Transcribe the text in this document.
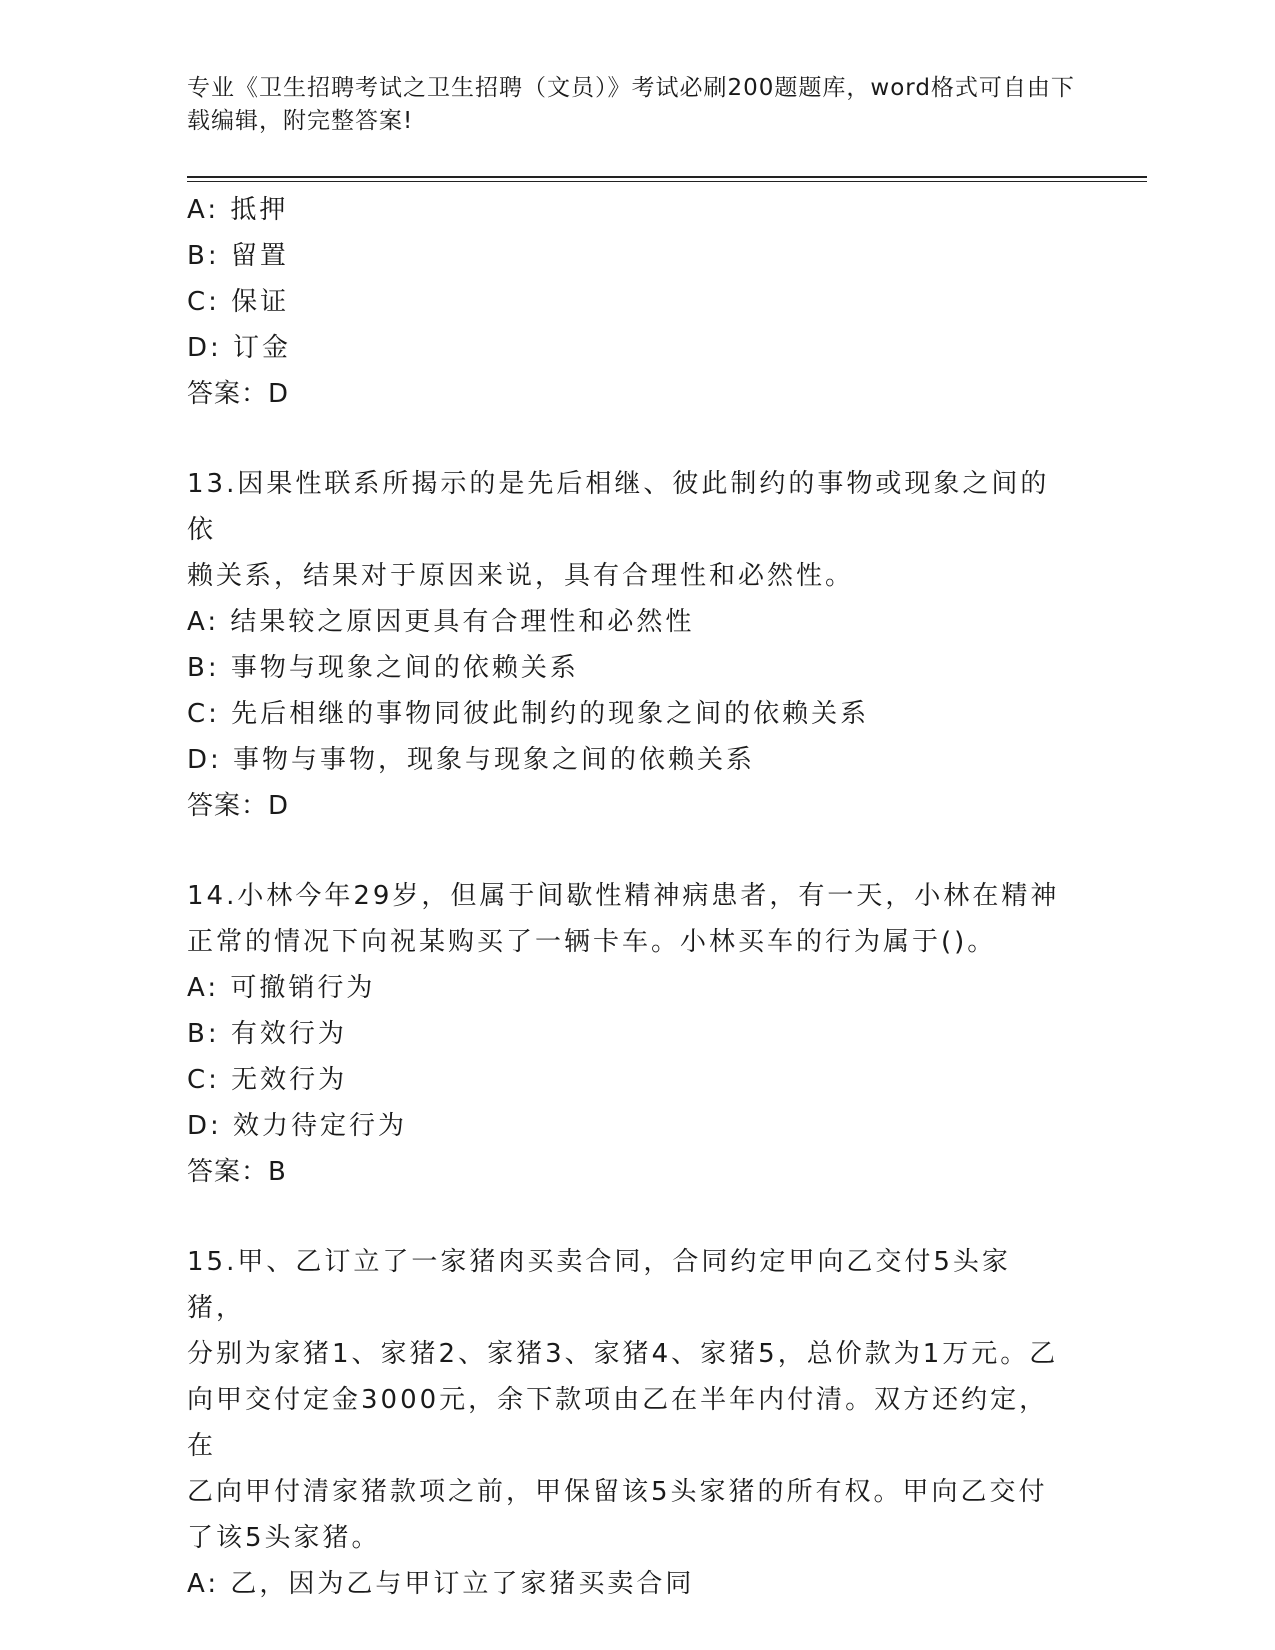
专业《卫生招聘考试之卫生招聘（文员）》考试必刷200题题库，word格式可自由下载编辑，附完整答案!
A: 抵押
B: 留置
C: 保证
D: 订金
答案：D
13.因果性联系所揭示的是先后相继、彼此制约的事物或现象之间的依
赖关系，结果对于原因来说，具有合理性和必然性。
A: 结果较之原因更具有合理性和必然性
B: 事物与现象之间的依赖关系
C: 先后相继的事物同彼此制约的现象之间的依赖关系
D: 事物与事物，现象与现象之间的依赖关系
答案：D
14.小林今年29岁，但属于间歇性精神病患者，有一天，小林在精神
正常的情况下向祝某购买了一辆卡车。小林买车的行为属于()。
A: 可撤销行为
B: 有效行为
C: 无效行为
D: 效力待定行为
答案：B
15.甲、乙订立了一家猪肉买卖合同，合同约定甲向乙交付5头家猪，
分别为家猪1、家猪2、家猪3、家猪4、家猪5，总价款为1万元。乙
向甲交付定金3000元，余下款项由乙在半年内付清。双方还约定，在
乙向甲付清家猪款项之前，甲保留该5头家猪的所有权。甲向乙交付
了该5头家猪。
A: 乙，因为乙与甲订立了家猪买卖合同
